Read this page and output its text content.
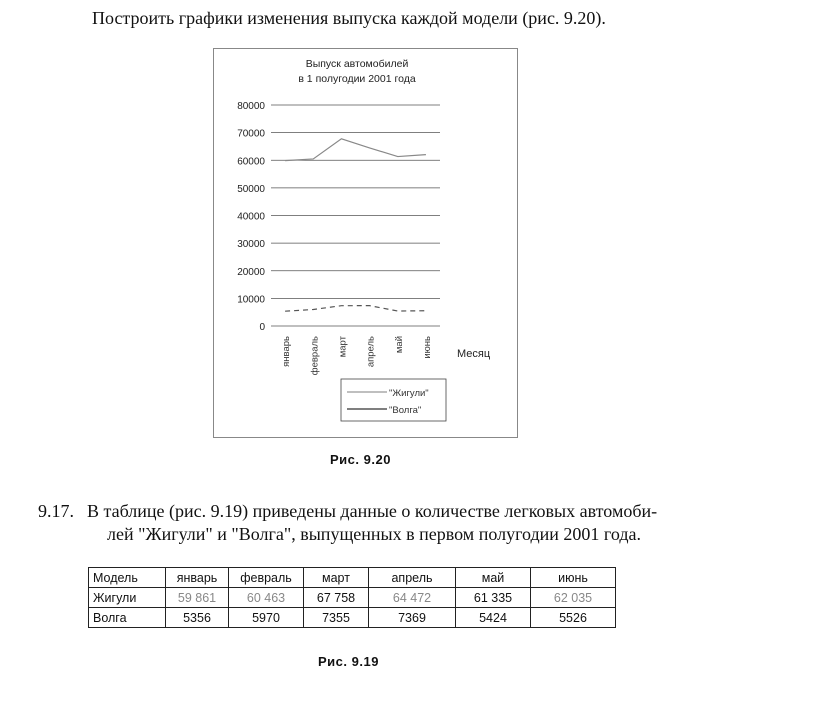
Построить графики изменения выпуска каждой модели (рис. 9.20).
Выпуск автомобилей
в 1 полугодии 2001 года
80000
70000
60000
50000
40000
30000
20000
10000
0
январь февраль март апрель май июнь Месяц
"Жигули"
"Волга"
Рис. 9.20
9.17. В таблице (рис. 9.19) приведены данные о количестве легковых автомоби-
лей "Жигули" и "Волга", выпущенных в первом полугодии 2001 года.
Модель	январь	февраль	март	апрель	май	июнь
Жигули	59 861	60 463	67 758	64 472	61 335	62 035
Волга	5356	5970	7355	7369	5424	5526
Рис. 9.19
